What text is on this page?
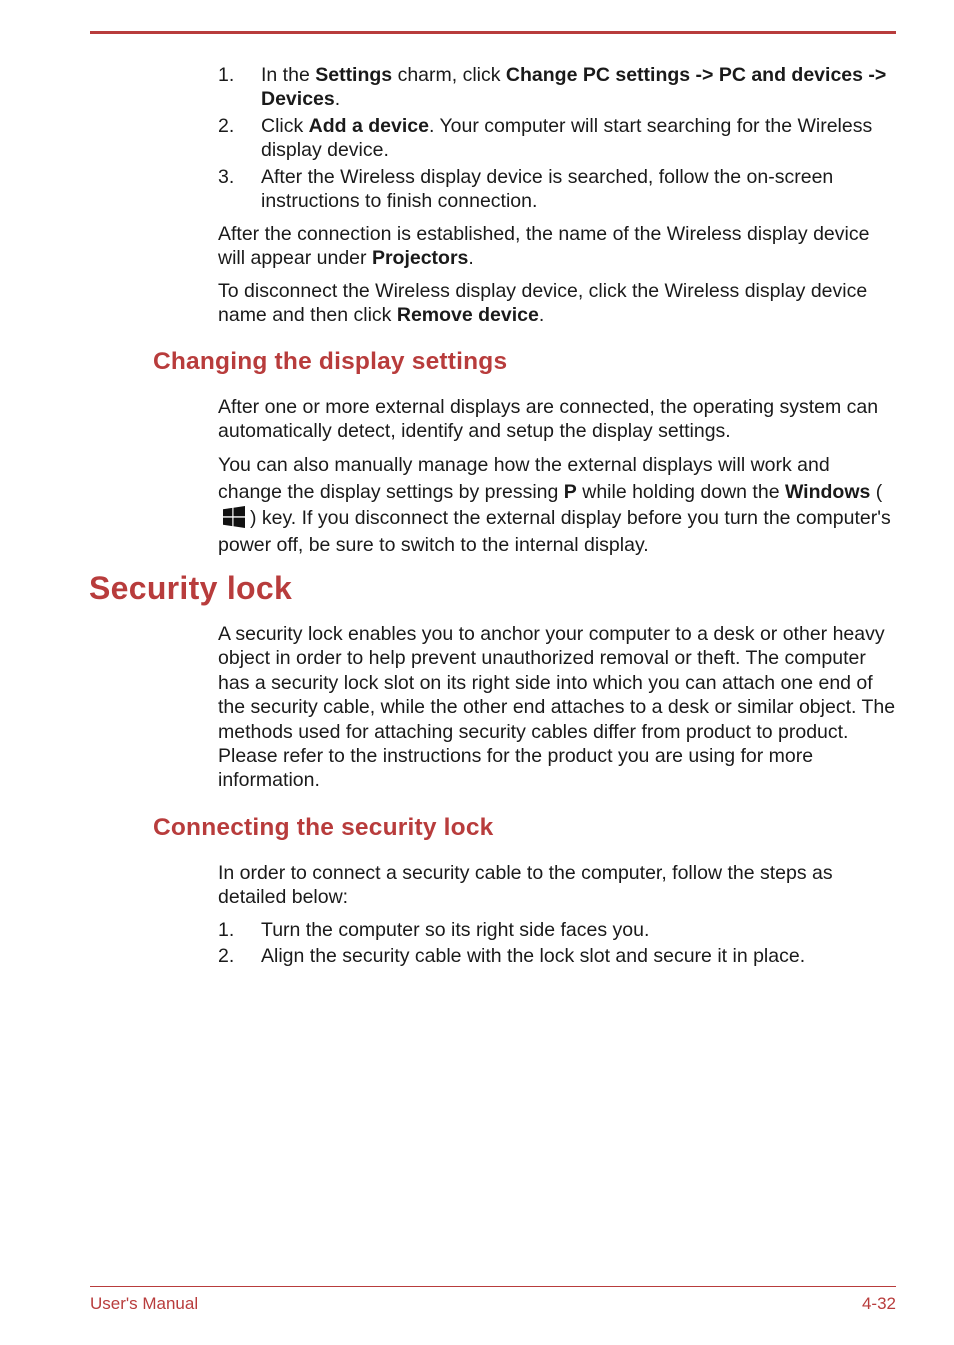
1.	In the Settings charm, click Change PC settings -> PC and devices -> Devices.
2.	Click Add a device. Your computer will start searching for the Wireless display device.
3.	After the Wireless display device is searched, follow the on-screen instructions to finish connection.

After the connection is established, the name of the Wireless display device will appear under Projectors.

To disconnect the Wireless display device, click the Wireless display device name and then click Remove device.

Changing the display settings

After one or more external displays are connected, the operating system can automatically detect, identify and setup the display settings.

You can also manually manage how the external displays will work and change the display settings by pressing P while holding down the Windows () key. If you disconnect the external display before you turn the computer's power off, be sure to switch to the internal display.

Security lock

A security lock enables you to anchor your computer to a desk or other heavy object in order to help prevent unauthorized removal or theft. The computer has a security lock slot on its right side into which you can attach one end of the security cable, while the other end attaches to a desk or similar object. The methods used for attaching security cables differ from product to product. Please refer to the instructions for the product you are using for more information.

Connecting the security lock

In order to connect a security cable to the computer, follow the steps as detailed below:

1.	Turn the computer so its right side faces you.
2.	Align the security cable with the lock slot and secure it in place.
User's Manual	4-32
